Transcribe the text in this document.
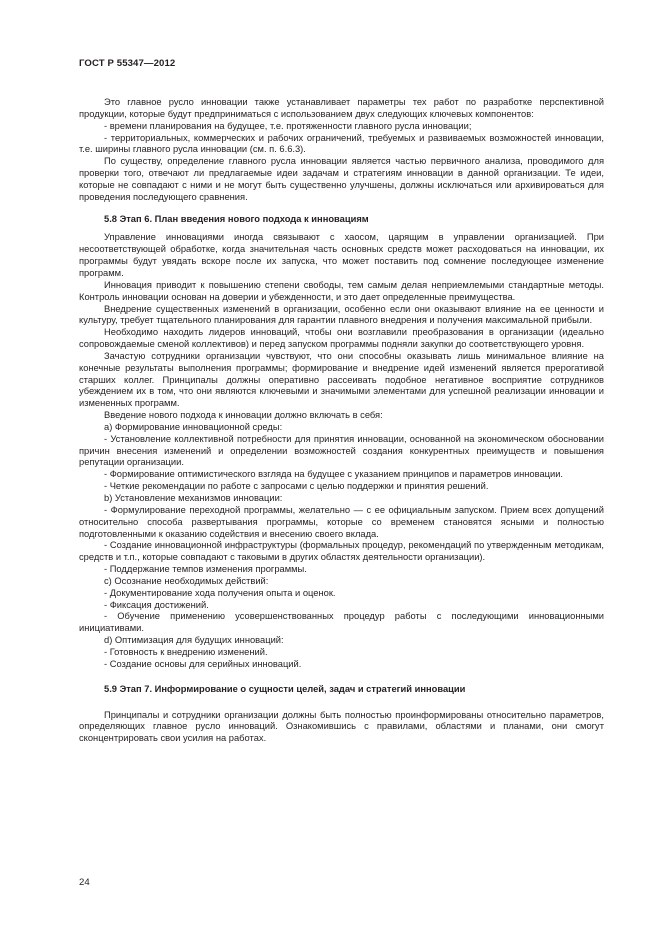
ГОСТ Р 55347—2012

Это главное русло инновации также устанавливает параметры тех работ по разработке перспективной продукции, которые будут предприниматься с использованием двух следующих ключевых компонентов:

- времени планирования на будущее, т.е. протяженности главного русла инновации;

- территориальных, коммерческих и рабочих ограничений, требуемых и развиваемых возможностей инновации, т.е. ширины главного русла инновации (см. п. 6.6.3).

По существу, определение главного русла инновации является частью первичного анализа, проводимого для проверки того, отвечают ли предлагаемые идеи задачам и стратегиям инновации в данной организации. Те идеи, которые не совпадают с ними и не могут быть существенно улучшены, должны исключаться или архивироваться для проведения последующего сравнения.

5.8 Этап 6. План введения нового подхода к инновациям

Управление инновациями иногда связывают с хаосом, царящим в управлении организацией. При несоответствующей обработке, когда значительная часть основных средств может расходоваться на инновации, их программы будут увядать вскоре после их запуска, что может поставить под сомнение последующее изменение программ.

Инновация приводит к повышению степени свободы, тем самым делая неприемлемыми стандартные методы. Контроль инновации основан на доверии и убежденности, и это дает определенные преимущества.

Внедрение существенных изменений в организации, особенно если они оказывают влияние на ее ценности и культуру, требует тщательного планирования для гарантии плавного внедрения и получения максимальной прибыли.

Необходимо находить лидеров инноваций, чтобы они возглавили преобразования в организации (идеально сопровождаемые сменой коллективов) и перед запуском программы подняли закупки до соответствующего уровня.

Зачастую сотрудники организации чувствуют, что они способны оказывать лишь минимальное влияние на конечные результаты выполнения программы; формирование и внедрение идей изменений является прерогативой старших коллег. Принципалы должны оперативно рассеивать подобное негативное восприятие сотрудников убеждением их в том, что они являются ключевыми и значимыми элементами для успешной реализации инновации и измененных программ.

Введение нового подхода к инновации должно включать в себя:

a) Формирование инновационной среды:

- Установление коллективной потребности для принятия инновации, основанной на экономическом обосновании причин внесения изменений и определении возможностей создания конкурентных преимуществ и повышения репутации организации.

- Формирование оптимистического взгляда на будущее с указанием принципов и параметров инновации.

- Четкие рекомендации по работе с запросами с целью поддержки и принятия решений.

b) Установление механизмов инновации:

- Формулирование переходной программы, желательно — с ее официальным запуском. Прием всех допущений относительно способа развертывания программы, которые со временем становятся ясными и полностью подготовленными к оказанию содействия и внесению своего вклада.

- Создание инновационной инфраструктуры (формальных процедур, рекомендаций по утвержденным методикам, средств и т.п., которые совпадают с таковыми в других областях деятельности организации).

- Поддержание темпов изменения программы.

c) Осознание необходимых действий:

- Документирование хода получения опыта и оценок.

- Фиксация достижений.

- Обучение применению усовершенствованных процедур работы с последующими инновационными инициативами.

d) Оптимизация для будущих инноваций:

- Готовность к внедрению изменений.

- Создание основы для серийных инноваций.

5.9 Этап 7. Информирование о сущности целей, задач и стратегий инновации

Принципалы и сотрудники организации должны быть полностью проинформированы относительно параметров, определяющих главное русло инноваций. Ознакомившись с правилами, областями и планами, они смогут сконцентрировать свои усилия на работах.

24
